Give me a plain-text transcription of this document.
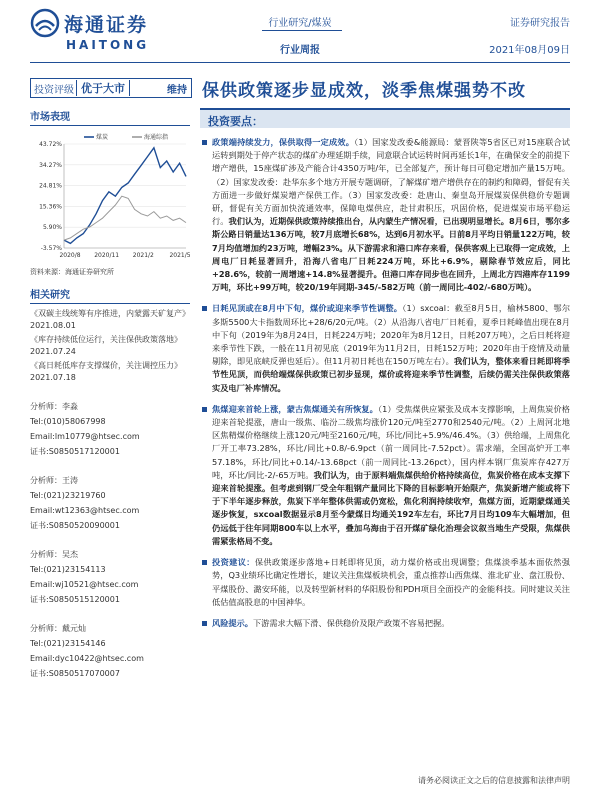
海通证券
HAITONG
行业研究/煤炭
行业周报
证券研究报告
2021年08月09日
投资评级 优于大市	维持 保供政策逐步显成效，淡季焦煤强势不改
市场表现
43.72%
34.27%
24.81%
15.36%
5.90%
-3.57%
2020/8 2020/11 2021/2	2021/5
煤炭	海通综指
资料来源：海通证券研究所
相关研究
《双碳主线统筹有序推进，内蒙露天矿复产》
2021.08.01
《库存持续低位运行，关注保供政策落地》
2021.07.24
《高日耗低库存支撑煤价，关注调控压力》
2021.07.18
分析师：李淼
Tel:(010)58067998
Email:lm10779@htsec.com
证书:S0850517120001
分析师：王涛
Tel:(021)23219760
Email:wt12363@htsec.com
证书:S0850520090001
分析师：吴杰
Tel:(021)23154113
Email:wj10521@htsec.com
证书:S0850515120001
分析师：戴元灿
Tel:(021)23154146
Email:dyc10422@htsec.com
证书:S0850517070007
投资要点：
政策端持续发力，保供取得一定成效。（1）国家发改委&能源局：蒙晋陕等5省区已对15座联合试运转到期处于停产状态的煤矿办理延期手续，同意联合试运转时间再延长1年，在确保安全的前提下增产增供，15座煤矿涉及产能合计4350万吨/年，已全部复产，预计每日可稳定增加产量15万吨。（2）国家发改委：赴华东多个地方开展专题调研，了解煤矿增产增供存在的制约和障碍，督促有关方面进一步做好煤炭增产保供工作。（3）国家发改委：赴唐山、秦皇岛开展煤炭保供稳价专题调研，督促有关方面加快流通效率，保障电煤供应，赴甘肃积压，巩固价格，促进煤炭市场平稳运行。我们认为，近期保供政策持续推出台，从内蒙生产情况看，已出现明显增长。8月6日，鄂尔多斯公路日销量达136万吨，较7月底增长68%，达到6月初水平。日前8月平均日销量122万吨，较7月均值增加约23万吨，增幅23%。从下游需求和港口库存来看，保供客观上已取得一定成效，上周电厂日耗显著回升，沿海八省电厂日耗224万吨，环比+6.9%，剔除春节效应后，同比+28.6%，较前一周增速+14.8%显著提升。但港口库存同步也在回升，上周北方四港库存1199万吨，环比+99万吨，较20/19年同期-345/-582万吨（前一周同比-402/-680万吨）。
日耗见顶或在8月中下旬，煤价或迎来季节性调整。（1）sxcoal：截至8月5日，榆林5800、鄂尔多斯5500大卡指数周环比+28/6/20元/吨。（2）从沿海八省电厂日耗看，夏季日耗峰值出现在8月中下旬（2019年为8月24日，日耗224万吨；2020年为8月12日，日耗207万吨），之后日耗将迎来季节性下跌，一般在11月初见底（2019年为11月2日，日耗152万吨；2020年由于疫情及动量剔除，即见底峡反弹也延后）。但11月初日耗也在150万吨左右）。我们认为，整体来看日耗即将季节性见顶，而供给端煤保供政策已初步显现，煤价或将迎来季节性调整，后续仍需关注保供政策落实及电厂补库情况。
焦煤迎来首轮上涨，蒙古焦煤通关有所恢复。（1）受焦煤供应紧张及成本支撑影响，上周焦炭价格迎来首轮提涨，唐山一级焦、临汾二级焦均涨价120元/吨至2770和2540元/吨。（2）上周河北地区焦精煤价格继续上涨120元/吨至2160元/吨，环比/同比+5.9%/46.4%。（3）供给端，上周焦化厂开工率73.28%，环比/同比+0.8/-6.9pct（前一周同比-7.52pct）。需求端，全国高炉开工率57.18%，环比/同比+0.14/-13.68pct（前一周同比-13.26pct），国内样本钢厂焦炭库存427万吨，环比/同比-2/-65万吨。我们认为，由于原料端焦煤供给价格持续高位，焦炭价格在成本支撑下迎来首轮提涨。但考虑到钢厂受全年粗钢产量同比下降的目标影响开始限产，焦炭新增产能或将下于下半年逐步释放，焦炭下半年整体供需或仍宽松，焦化利润持续收窄，焦煤方面，近期蒙煤通关逐步恢复，sxcoal数据显示8月至今蒙煤日均通关192车左右，环比7月日均109车大幅增加，但仍远低于往年同期800车以上水平，叠加乌海由于召开煤矿绿化治理会议叙当地生产受限，焦煤供需紧张格局不变。
投资建议：保供政策逐步落地+日耗即将见顶，动力煤价格或出现调整；焦煤淡季基本面依然强势，Q3业绩环比确定性增长，建议关注焦煤板块机会，重点推荐山西焦煤、淮北矿业、盘江股份、平煤股份、潞安环能，以及转型新材料的华阳股份和PDH项目全面投产的金能科技。同时建议关注低估值高股息的中国神华。
风险提示。下游需求大幅下滑、保供稳价及限产政策不容易把握。
请务必阅读正文之后的信息披露和法律声明
